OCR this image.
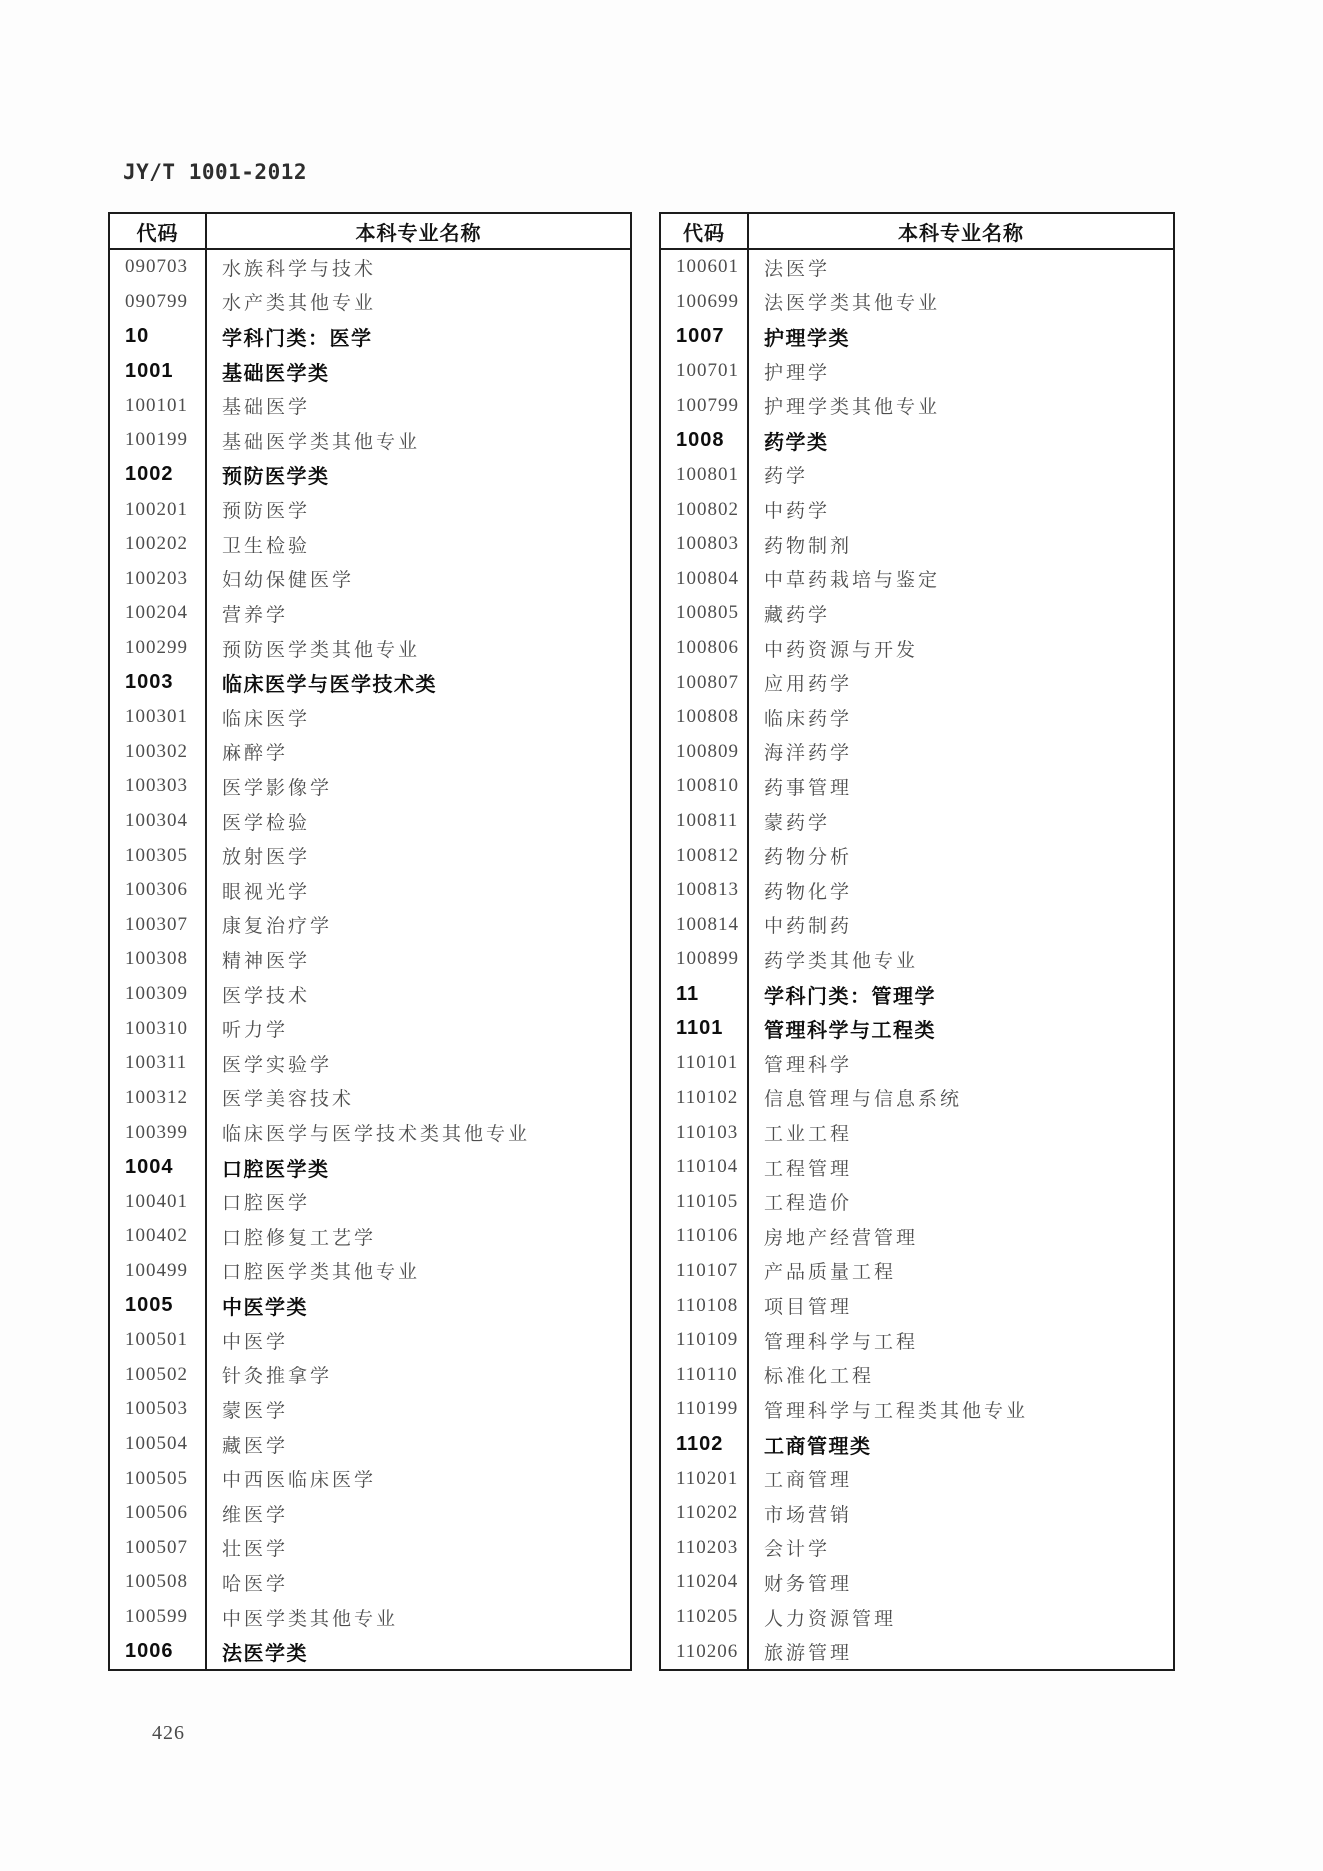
JY/T 1001-2012
代码	本科专业名称
090703	水族科学与技术
090799	水产类其他专业
10	学科门类：医学
1001	基础医学类
100101	基础医学
100199	基础医学类其他专业
1002	预防医学类
100201	预防医学
100202	卫生检验
100203	妇幼保健医学
100204	营养学
100299	预防医学类其他专业
1003	临床医学与医学技术类
100301	临床医学
100302	麻醉学
100303	医学影像学
100304	医学检验
100305	放射医学
100306	眼视光学
100307	康复治疗学
100308	精神医学
100309	医学技术
100310	听力学
100311	医学实验学
100312	医学美容技术
100399	临床医学与医学技术类其他专业
1004	口腔医学类
100401	口腔医学
100402	口腔修复工艺学
100499	口腔医学类其他专业
1005	中医学类
100501	中医学
100502	针灸推拿学
100503	蒙医学
100504	藏医学
100505	中西医临床医学
100506	维医学
100507	壮医学
100508	哈医学
100599	中医学类其他专业
1006	法医学类
代码	本科专业名称
100601	法医学
100699	法医学类其他专业
1007	护理学类
100701	护理学
100799	护理学类其他专业
1008	药学类
100801	药学
100802	中药学
100803	药物制剂
100804	中草药栽培与鉴定
100805	藏药学
100806	中药资源与开发
100807	应用药学
100808	临床药学
100809	海洋药学
100810	药事管理
100811	蒙药学
100812	药物分析
100813	药物化学
100814	中药制药
100899	药学类其他专业
11	学科门类：管理学
1101	管理科学与工程类
110101	管理科学
110102	信息管理与信息系统
110103	工业工程
110104	工程管理
110105	工程造价
110106	房地产经营管理
110107	产品质量工程
110108	项目管理
110109	管理科学与工程
110110	标准化工程
110199	管理科学与工程类其他专业
1102	工商管理类
110201	工商管理
110202	市场营销
110203	会计学
110204	财务管理
110205	人力资源管理
110206	旅游管理
426
